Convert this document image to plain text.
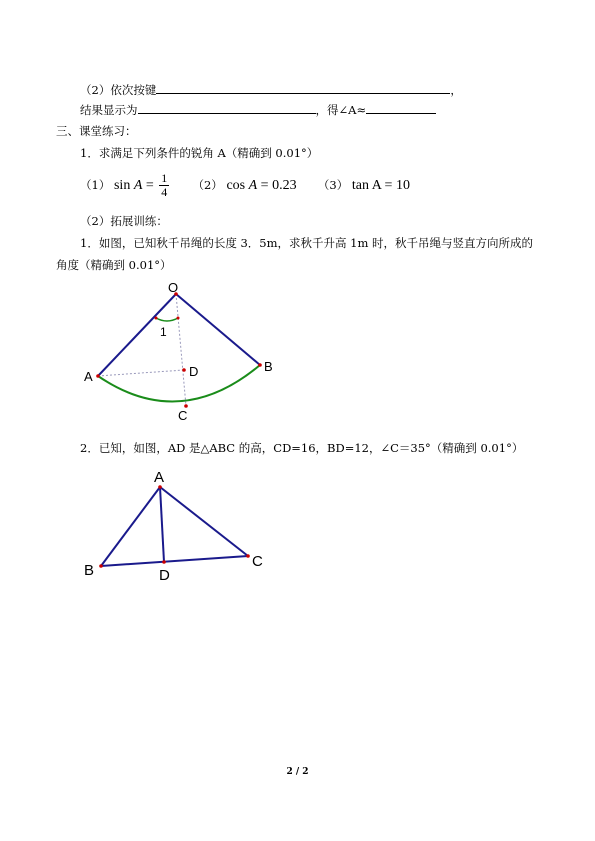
（2）依次按键	，
结果显示为	，得∠A≈
三、课堂练习：
1．求满足下列条件的锐角 A（精确到 0.01°）
（1） $\sin A = \frac{1}{4} (2)$ cos A = 0.23 （3） tan A = 10
（2）拓展训练：
1．如图，已知秋千吊绳的长度 3．5m，求秋千升高 1m 时，秋千吊绳与竖直方向所成的
角度（精确到 0.01°）
2．已知，如图，AD 是△ABC 的高，CD=16，BD=12，∠C＝35°（精确到 0.01°）
O
1
A
B
C
D
A
B
C
D
2 / 2
